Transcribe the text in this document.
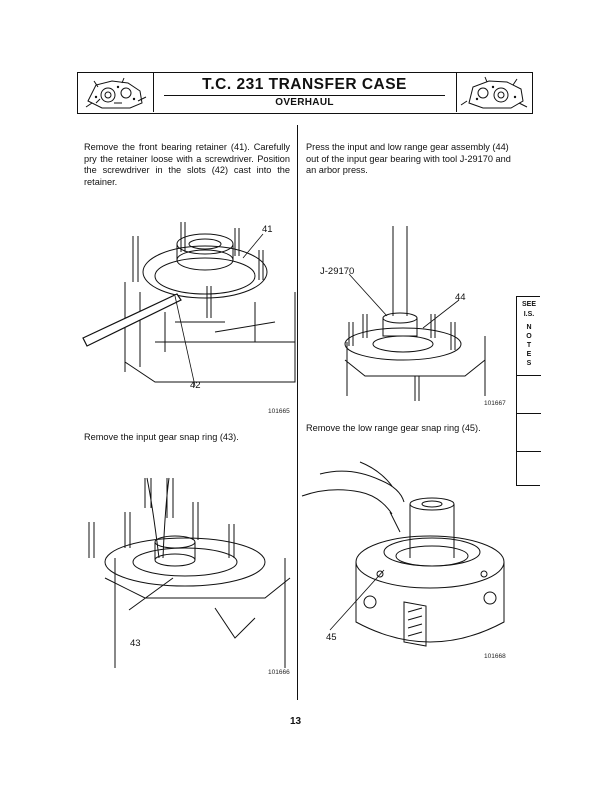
T.C. 231 TRANSFER CASE
OVERHAUL
Remove the front bearing retainer (41). Carefully pry the retainer loose with a screwdriver. Position the screwdriver in the slots (42) cast into the retainer.
41
42
101665
Remove the input gear snap ring (43).
43
101666
Press the input and low range gear assembly (44) out of the input gear bearing with tool J-29170 and an arbor press.
J-29170
44
101667
Remove the low range gear snap ring (45).
45
101668
SEE
I.S.
N
O
T
E
S
13
